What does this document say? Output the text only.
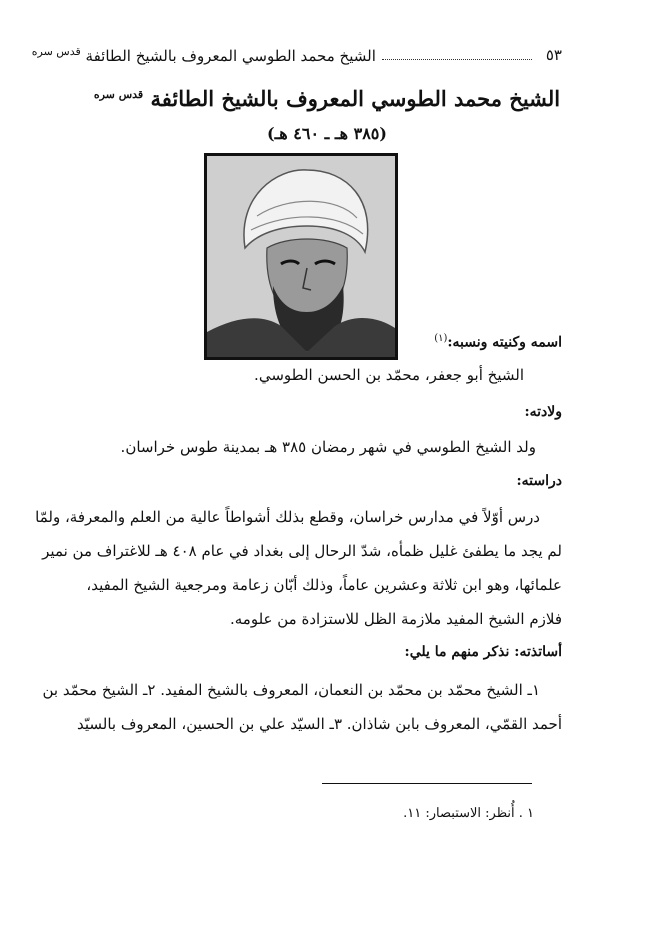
٥٣
الشيخ محمد الطوسي المعروف بالشيخ الطائفة $^{قدس سره}$
الشيخ محمد الطوسي المعروف بالشيخ الطائفة $^{قدس سره}$
(٣٨٥ هـ ـ ٤٦٠ هـ)
اسمه وكنيته ونسبه:$^{(١)}$
الشيخ أبو جعفر، محمّد بن الحسن الطوسي.
ولادته:
ولد الشيخ الطوسي في شهر رمضان ٣٨٥ هـ بمدينة طوس خراسان.
دراسته:
درس أوّلاً في مدارس خراسان، وقطع بذلك أشواطاً عالية من العلم والمعرفة، ولمّا
لم يجد ما يطفئ غليل ظمأه، شدّ الرحال إلى بغداد في عام ٤٠٨ هـ للاغتراف من نمير
علمائها، وهو ابن ثلاثة وعشرين عاماً، وذلك أبّان زعامة ومرجعية الشيخ المفيد،
فلازم الشيخ المفيد ملازمة الظل للاستزادة من علومه.
أساتذته: نذكر منهم ما يلي:
١ـ الشيخ محمّد بن محمّد بن النعمان، المعروف بالشيخ المفيد. ٢ـ الشيخ محمّد بن
أحمد القمّي، المعروف بابن شاذان. ٣ـ السيّد علي بن الحسين، المعروف بالسيّد
١ . أُنظر: الاستبصار: ١١.
